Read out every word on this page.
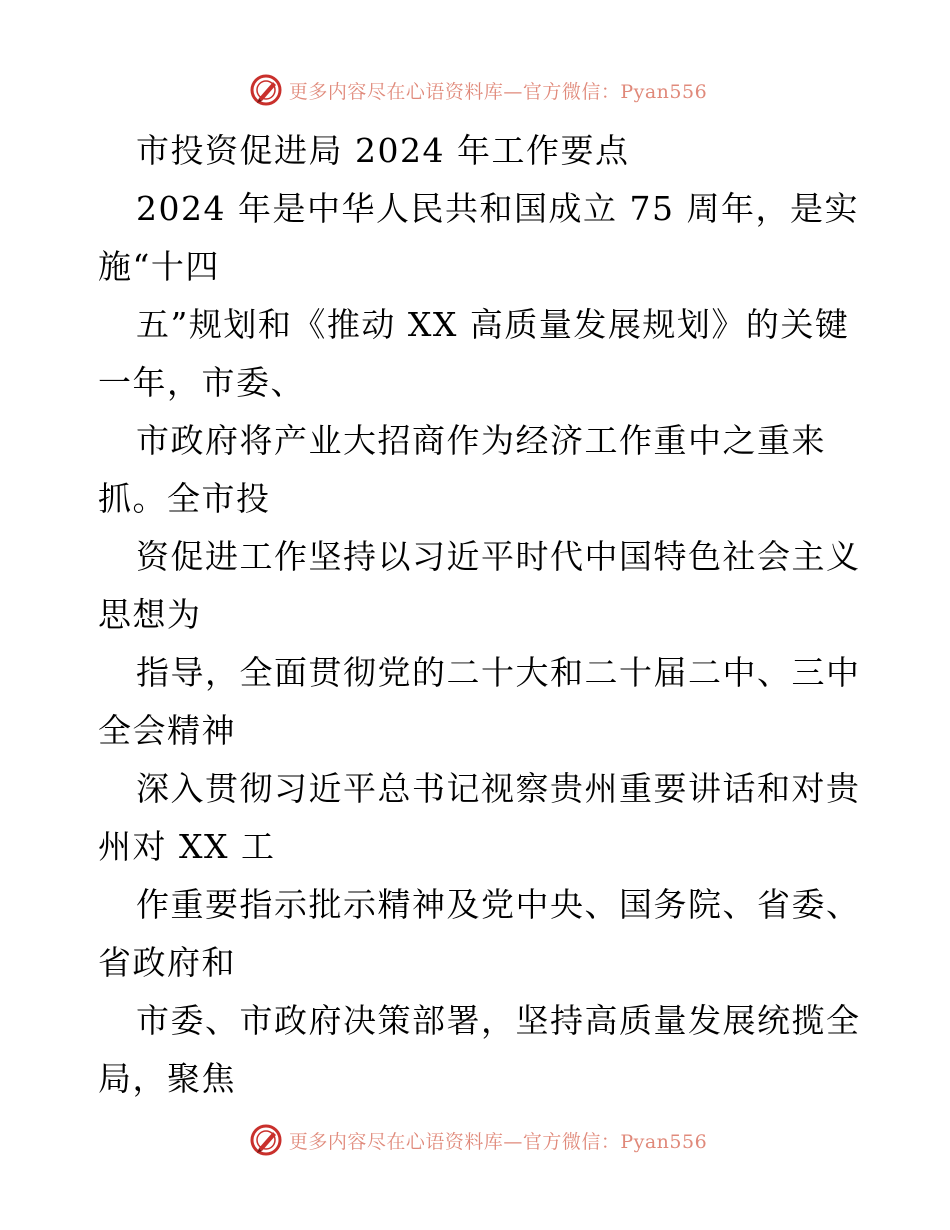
更多内容尽在心语资料库—官方微信：Pyan556
市投资促进局 2024 年工作要点
2024 年是中华人民共和国成立 75 周年，是实
施“十四
五”规划和《推动 XX 高质量发展规划》的关键
一年，市委、
市政府将产业大招商作为经济工作重中之重来
抓。全市投
资促进工作坚持以习近平时代中国特色社会主义
思想为
指导，全面贯彻党的二十大和二十届二中、三中
全会精神
深入贯彻习近平总书记视察贵州重要讲话和对贵
州对 XX 工
作重要指示批示精神及党中央、国务院、省委、
省政府和
市委、市政府决策部署，坚持高质量发展统揽全
局，聚焦
更多内容尽在心语资料库—官方微信：Pyan556
